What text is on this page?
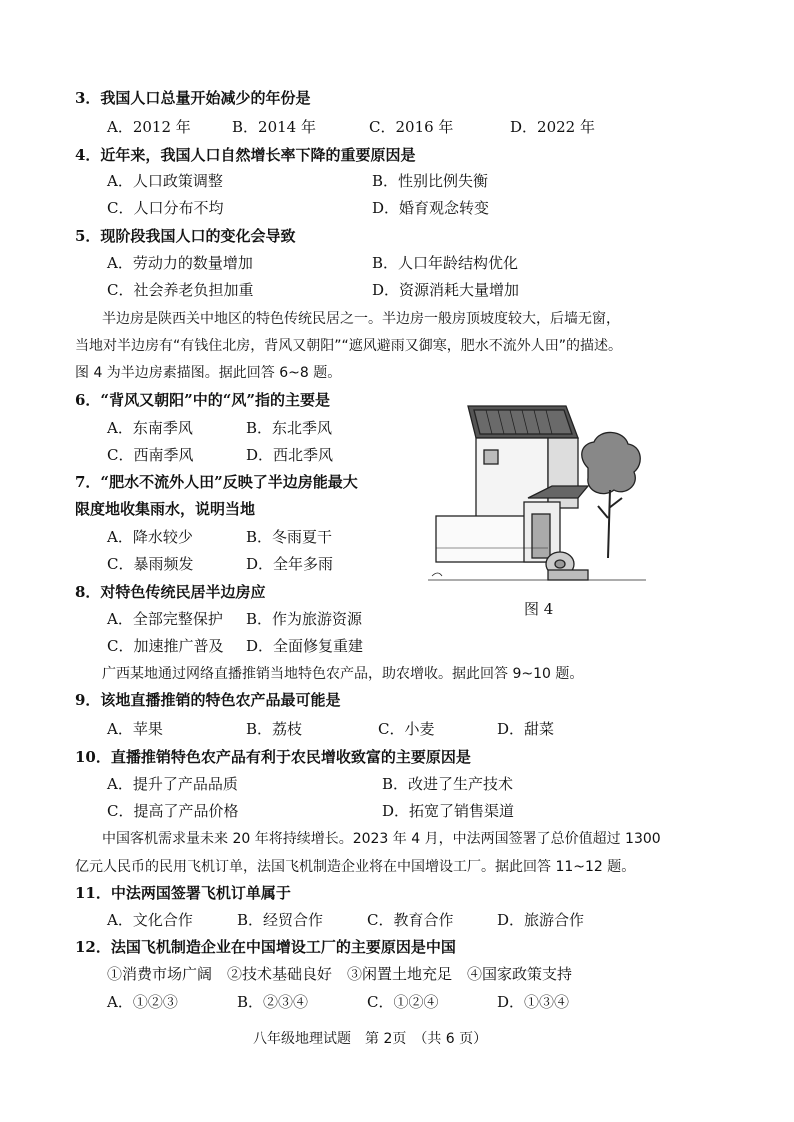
3．我国人口总量开始减少的年份是
A．2012 年	B．2014 年	C．2016 年	D．2022 年
4．近年来，我国人口自然增长率下降的重要原因是
A．人口政策调整	B．性别比例失衡
C．人口分布不均	D．婚育观念转变
5．现阶段我国人口的变化会导致
A．劳动力的数量增加	B．人口年龄结构优化
C．社会养老负担加重	D．资源消耗大量增加
半边房是陕西关中地区的特色传统民居之一。半边房一般房顶坡度较大，后墙无窗，
当地对半边房有“有钱住北房，背风又朝阳”“遮风避雨又御寒，肥水不流外人田”的描述。
图 4 为半边房素描图。据此回答 6~8 题。
6．“背风又朝阳”中的“风”指的主要是
A．东南季风	B．东北季风
C．西南季风	D．西北季风
7．“肥水不流外人田”反映了半边房能最大
限度地收集雨水，说明当地
A．降水较少	B．冬雨夏干
C．暴雨频发	D．全年多雨
8．对特色传统民居半边房应
A．全部完整保护 B．作为旅游资源
C．加速推广普及 D．全面修复重建
图 4
广西某地通过网络直播推销当地特色农产品，助农增收。据此回答 9~10 题。
9．该地直播推销的特色农产品最可能是
A．苹果	B．荔枝	C．小麦	D．甜菜
10．直播推销特色农产品有利于农民增收致富的主要原因是
A．提升了产品品质	B．改进了生产技术
C．提高了产品价格	D．拓宽了销售渠道
中国客机需求量未来 20 年将持续增长。2023 年 4 月，中法两国签署了总价值超过 1300
亿元人民币的民用飞机订单，法国飞机制造企业将在中国增设工厂。据此回答 11~12 题。
11．中法两国签署飞机订单属于
A．文化合作	B．经贸合作	C．教育合作	D．旅游合作
12．法国飞机制造企业在中国增设工厂的主要原因是中国
①消费市场广阔　②技术基础良好　③闲置土地充足　④国家政策支持
A．①②③	B．②③④	C．①②④	D．①③④
八年级地理试题　第 2页　（共 6 页）
